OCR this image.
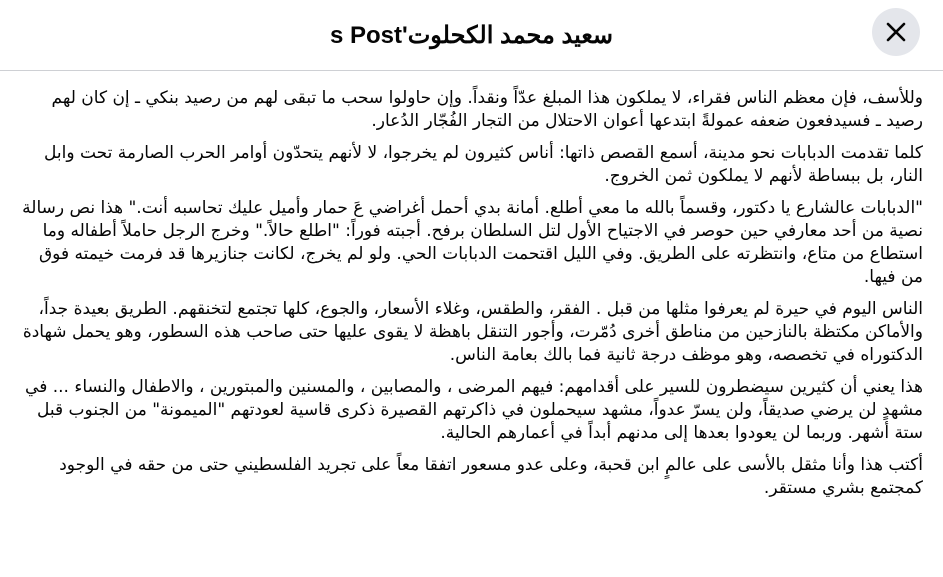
سعيد محمد الكحلوت's Post

وللأسف، فإن معظم الناس فقراء، لا يملكون هذا المبلغ عدّاً ونقداً. وإن حاولوا سحب ما تبقى لهم من رصيد بنكي ـ إن كان لهم رصيد ـ فسيدفعون ضعفه عمولةً ابتدعها أعوان الاحتلال من التجار الفُجّار الدُعار.

كلما تقدمت الدبابات نحو مدينة، أسمع القصص ذاتها: أناس كثيرون لم يخرجوا، لا لأنهم يتحدّون أوامر الحرب الصارمة تحت وابل النار، بل ببساطة لأنهم لا يملكون ثمن الخروج.

"الدبابات عالشارع يا دكتور، وقسماً بالله ما معي أطلع. أمانة بدي أحمل أغراضي عَ حمار وأميل عليك تحاسبه أنت." هذا نص رسالة نصية من أحد معارفي حين حوصر في الاجتياح الأول لتل السلطان برفح. أجبته فوراً: "اطلع حالاً." وخرج الرجل حاملاً أطفاله وما استطاع من متاع، وانتظرته على الطريق. وفي الليل اقتحمت الدبابات الحي. ولو لم يخرج، لكانت جنازيرها قد فرمت خيمته فوق من فيها.

الناس اليوم في حيرة لم يعرفوا مثلها من قبل . الفقر، والطقس، وغلاء الأسعار، والجوع، كلها تجتمع لتخنقهم. الطريق بعيدة جداً، والأماكن مكتظة بالنازحين من مناطق أخرى دُمّرت، وأجور التنقل باهظة لا يقوى عليها حتى صاحب هذه السطور، وهو يحمل شهادة الدكتوراه في تخصصه، وهو موظف درجة ثانية فما بالك بعامة الناس.

هذا يعني أن كثيرين سيضطرون للسير على أقدامهم: فيهم المرضى ، والمصابين ، والمسنين والمبتورين ، والاطفال والنساء ... في مشهدٍ لن يرضي صديقاً، ولن يسرّ عدواً، مشهد سيحملون في ذاكرتهم القصيرة ذكرى قاسية لعودتهم "الميمونة" من الجنوب قبل ستة أشهر. وربما لن يعودوا بعدها إلى مدنهم أبداً في أعمارهم الحالية.

أكتب هذا وأنا مثقل بالأسى على عالمٍ ابن قحبة، وعلى عدو مسعور اتفقا معاً على تجريد الفلسطيني حتى من حقه في الوجود كمجتمع بشري مستقر.
